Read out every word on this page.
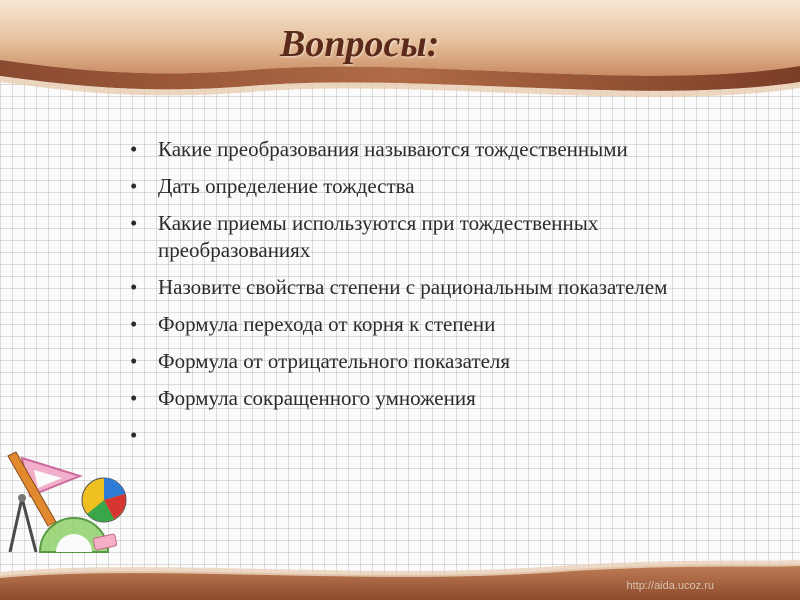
Вопросы:
• Какие преобразования называются тождественными
• Дать определение тождества
• Какие приемы используются при тождественных преобразованиях
• Назовите свойства степени с рациональным показателем
• Формула перехода от корня к степени
• Формула от отрицательного показателя
• Формула сокращенного умножения
•
http://aida.ucoz.ru
